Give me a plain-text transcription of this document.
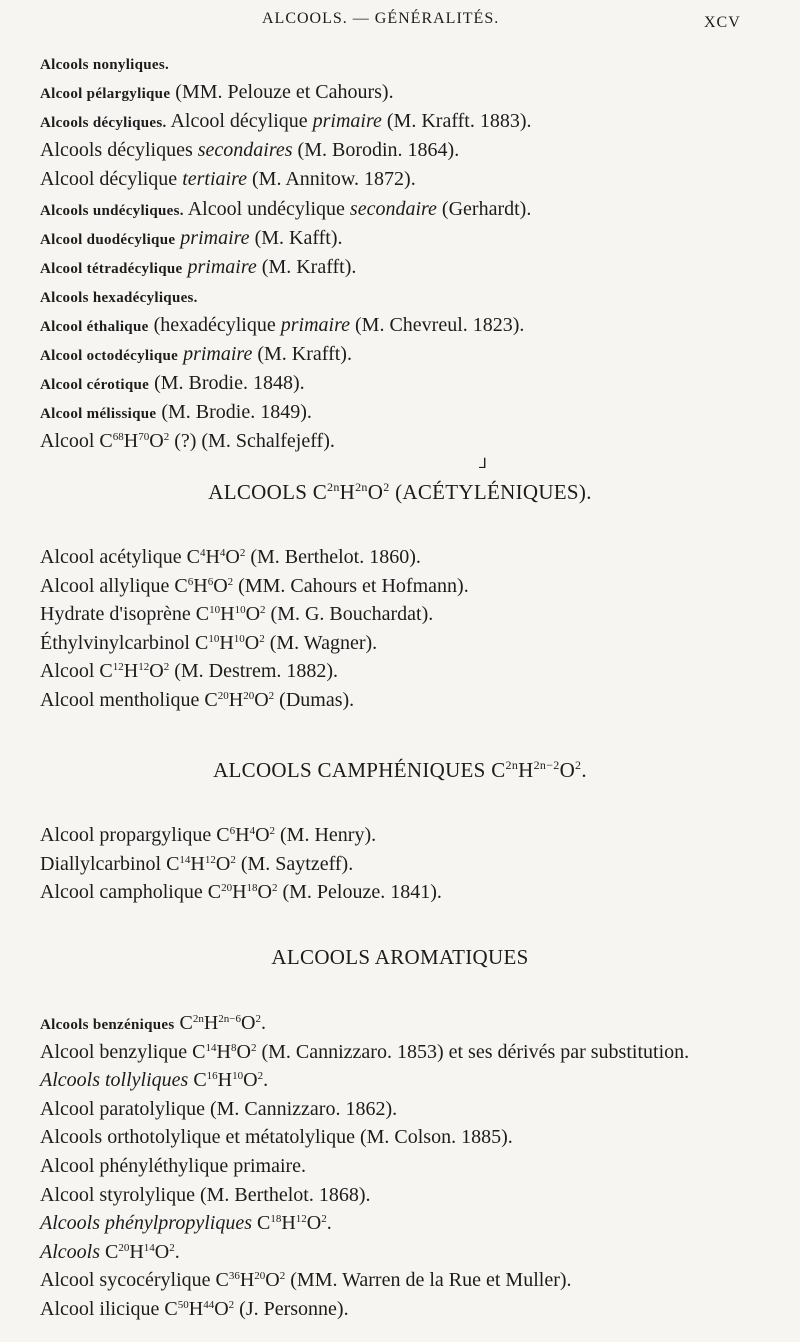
ALCOOLS. — GÉNÉRALITÉS.	XCV
Alcools nonyliques.
Alcool pélargylique (MM. Pelouze et Cahours).
Alcools décyliques. Alcool décylique primaire (M. Krafft. 1883).
Alcools décyliques secondaires (M. Borodin. 1864).
Alcool décylique tertiaire (M. Annitow. 1872).
Alcools undécyliques. Alcool undécylique secondaire (Gerhardt).
Alcool duodécylique primaire (M. Kafft).
Alcool tétradécylique primaire (M. Krafft).
Alcools hexadécyliques.
Alcool éthalique (hexadécylique primaire (M. Chevreul. 1823).
Alcool octodécylique primaire (M. Krafft).
Alcool cérotique (M. Brodie. 1848).
Alcool mélissique (M. Brodie. 1849).
Alcool $C^{68}H^{70}O^2$ (?) (M. Schalfejeff).
⅃
ALCOOLS $C^{2n}H^{2n}O^2$ (ACÉTYLÉNIQUES).
Alcool acétylique $C^4H^4O^2$ (M. Berthelot. 1860).
Alcool allylique $C^6H^6O^2$ (MM. Cahours et Hofmann).
Hydrate d'isoprène $C^{10}H^{10}O^2$ (M. G. Bouchardat).
Éthylvinylcarbinol $C^{10}H^{10}O^2$ (M. Wagner).
Alcool $C^{12}H^{12}O^2$ (M. Destrem. 1882).
Alcool mentholique $C^{20}H^{20}O^2$ (Dumas).
ALCOOLS CAMPHÉNIQUES $C^{2n}H^{2n-2}O^2$.
Alcool propargylique $C^6H^4O^2$ (M. Henry).
Diallylcarbinol $C^{14}H^{12}O^2$ (M. Saytzeff).
Alcool campholique $C^{20}H^{18}O^2$ (M. Pelouze. 1841).
ALCOOLS AROMATIQUES
Alcools benzéniques $C^{2n}H^{2n-6}O^2$.
Alcool benzylique $C^{14}H^8O^2$ (M. Cannizzaro. 1853) et ses dérivés par substitution.
Alcools tollyliques $C^{16}H^{10}O^2$.
Alcool paratolylique (M. Cannizzaro. 1862).
Alcools orthotolylique et métatolylique (M. Colson. 1885).
Alcool phényléthylique primaire.
Alcool styrolylique (M. Berthelot. 1868).
Alcools phénylpropyliques $C^{18}H^{12}O^2$.
Alcools $C^{20}H^{14}O^2$.
Alcool sycocérylique $C^{36}H^{20}O^2$ (MM. Warren de la Rue et Muller).
Alcool ilicique $C^{50}H^{44}O^2$ (J. Personne).
